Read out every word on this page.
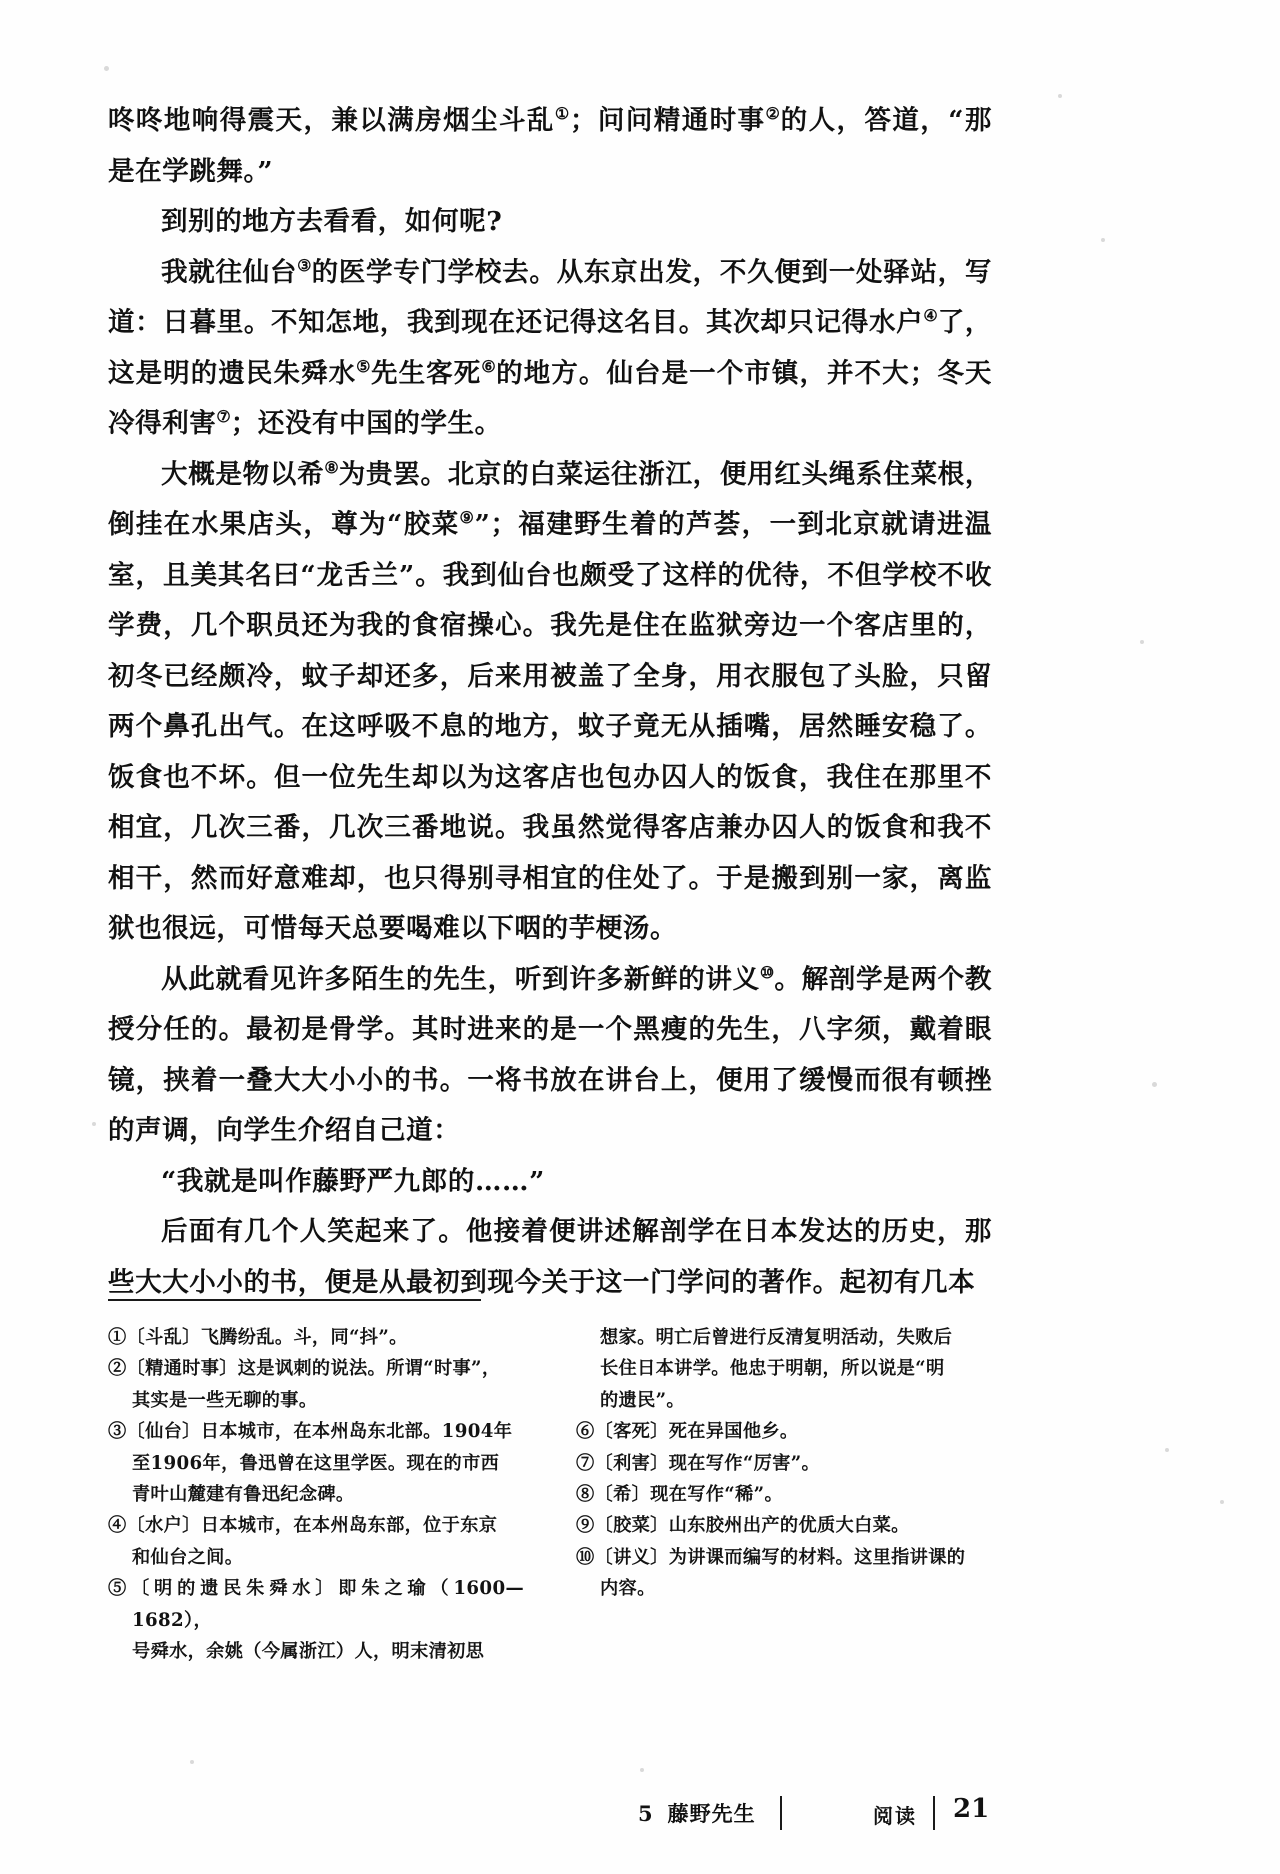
咚咚地响得震天，兼以满房烟尘斗乱①；问问精通时事②的人，答道，“那是在学跳舞。”

到别的地方去看看，如何呢?

我就往仙台③的医学专门学校去。从东京出发，不久便到一处驿站，写道：日暮里。不知怎地，我到现在还记得这名目。其次却只记得水户④了，这是明的遗民朱舜水⑤先生客死⑥的地方。仙台是一个市镇，并不大；冬天冷得利害⑦；还没有中国的学生。

大概是物以希⑧为贵罢。北京的白菜运往浙江，便用红头绳系住菜根，倒挂在水果店头，尊为“胶菜⑨”；福建野生着的芦荟，一到北京就请进温室，且美其名曰“龙舌兰”。我到仙台也颇受了这样的优待，不但学校不收学费，几个职员还为我的食宿操心。我先是住在监狱旁边一个客店里的，初冬已经颇冷，蚊子却还多，后来用被盖了全身，用衣服包了头脸，只留两个鼻孔出气。在这呼吸不息的地方，蚊子竟无从插嘴，居然睡安稳了。饭食也不坏。但一位先生却以为这客店也包办囚人的饭食，我住在那里不相宜，几次三番，几次三番地说。我虽然觉得客店兼办囚人的饭食和我不相干，然而好意难却，也只得别寻相宜的住处了。于是搬到别一家，离监狱也很远，可惜每天总要喝难以下咽的芋梗汤。

从此就看见许多陌生的先生，听到许多新鲜的讲义⑩。解剖学是两个教授分任的。最初是骨学。其时进来的是一个黑瘦的先生，八字须，戴着眼镜，挟着一叠大大小小的书。一将书放在讲台上，便用了缓慢而很有顿挫的声调，向学生介绍自己道：

“我就是叫作藤野严九郎的……”

后面有几个人笑起来了。他接着便讲述解剖学在日本发达的历史，那些大大小小的书，便是从最初到现今关于这一门学问的著作。起初有几本

①〔斗乱〕飞腾纷乱。斗，同“抖”。

②〔精通时事〕这是讽刺的说法。所谓“时事”，

其实是一些无聊的事。

③〔仙台〕日本城市，在本州岛东北部。1904年

至1906年，鲁迅曾在这里学医。现在的市西

青叶山麓建有鲁迅纪念碑。

④〔水户〕日本城市，在本州岛东部，位于东京

和仙台之间。

⑤〔明的遗民朱舜水〕即朱之瑜（1600—1682），

号舜水，余姚（今属浙江）人，明末清初思

想家。明亡后曾进行反清复明活动，失败后

长住日本讲学。他忠于明朝，所以说是“明

的遗民”。

⑥〔客死〕死在异国他乡。

⑦〔利害〕现在写作“厉害”。

⑧〔希〕现在写作“稀”。

⑨〔胶菜〕山东胶州出产的优质大白菜。

⑩〔讲义〕为讲课而编写的材料。这里指讲课的

内容。

5 藤野先生	阅读 21
